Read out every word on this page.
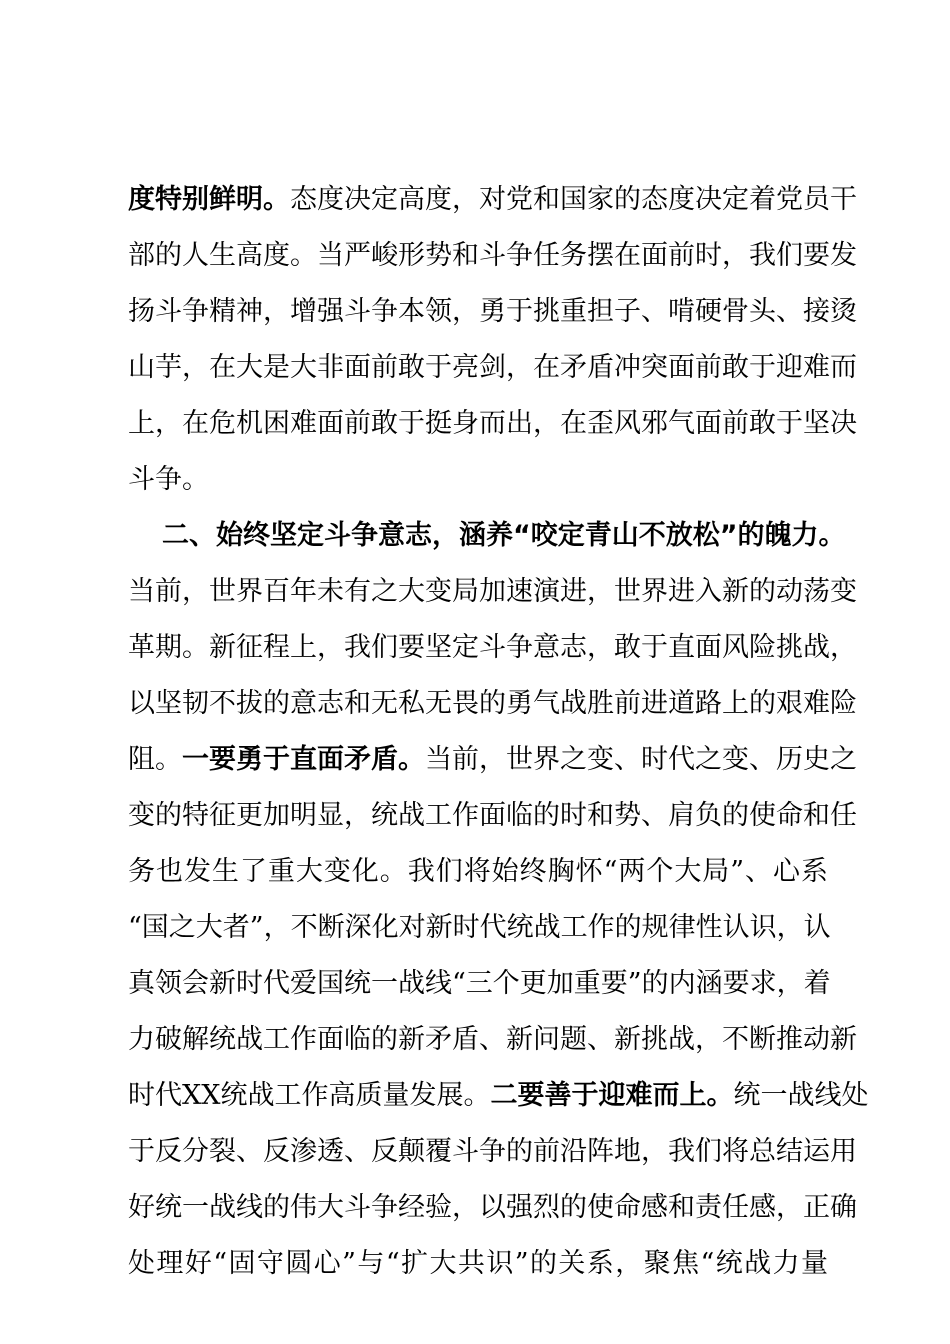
度特别鲜明。态度决定高度，对党和国家的态度决定着党员干
部的人生高度。当严峻形势和斗争任务摆在面前时，我们要发
扬斗争精神，增强斗争本领，勇于挑重担子、啃硬骨头、接烫
山芋，在大是大非面前敢于亮剑，在矛盾冲突面前敢于迎难而
上，在危机困难面前敢于挺身而出，在歪风邪气面前敢于坚决
斗争。
二、始终坚定斗争意志，涵养“咬定青山不放松”的魄力。
当前，世界百年未有之大变局加速演进，世界进入新的动荡变
革期。新征程上，我们要坚定斗争意志，敢于直面风险挑战，
以坚韧不拔的意志和无私无畏的勇气战胜前进道路上的艰难险
阻。一要勇于直面矛盾。当前，世界之变、时代之变、历史之
变的特征更加明显，统战工作面临的时和势、肩负的使命和任
务也发生了重大变化。我们将始终胸怀“两个大局”、心系
“国之大者”，不断深化对新时代统战工作的规律性认识，认
真领会新时代爱国统一战线“三个更加重要”的内涵要求，着
力破解统战工作面临的新矛盾、新问题、新挑战，不断推动新
时代XX统战工作高质量发展。二要善于迎难而上。统一战线处
于反分裂、反渗透、反颠覆斗争的前沿阵地，我们将总结运用
好统一战线的伟大斗争经验，以强烈的使命感和责任感，正确
处理好“固守圆心”与“扩大共识”的关系，聚焦“统战力量
